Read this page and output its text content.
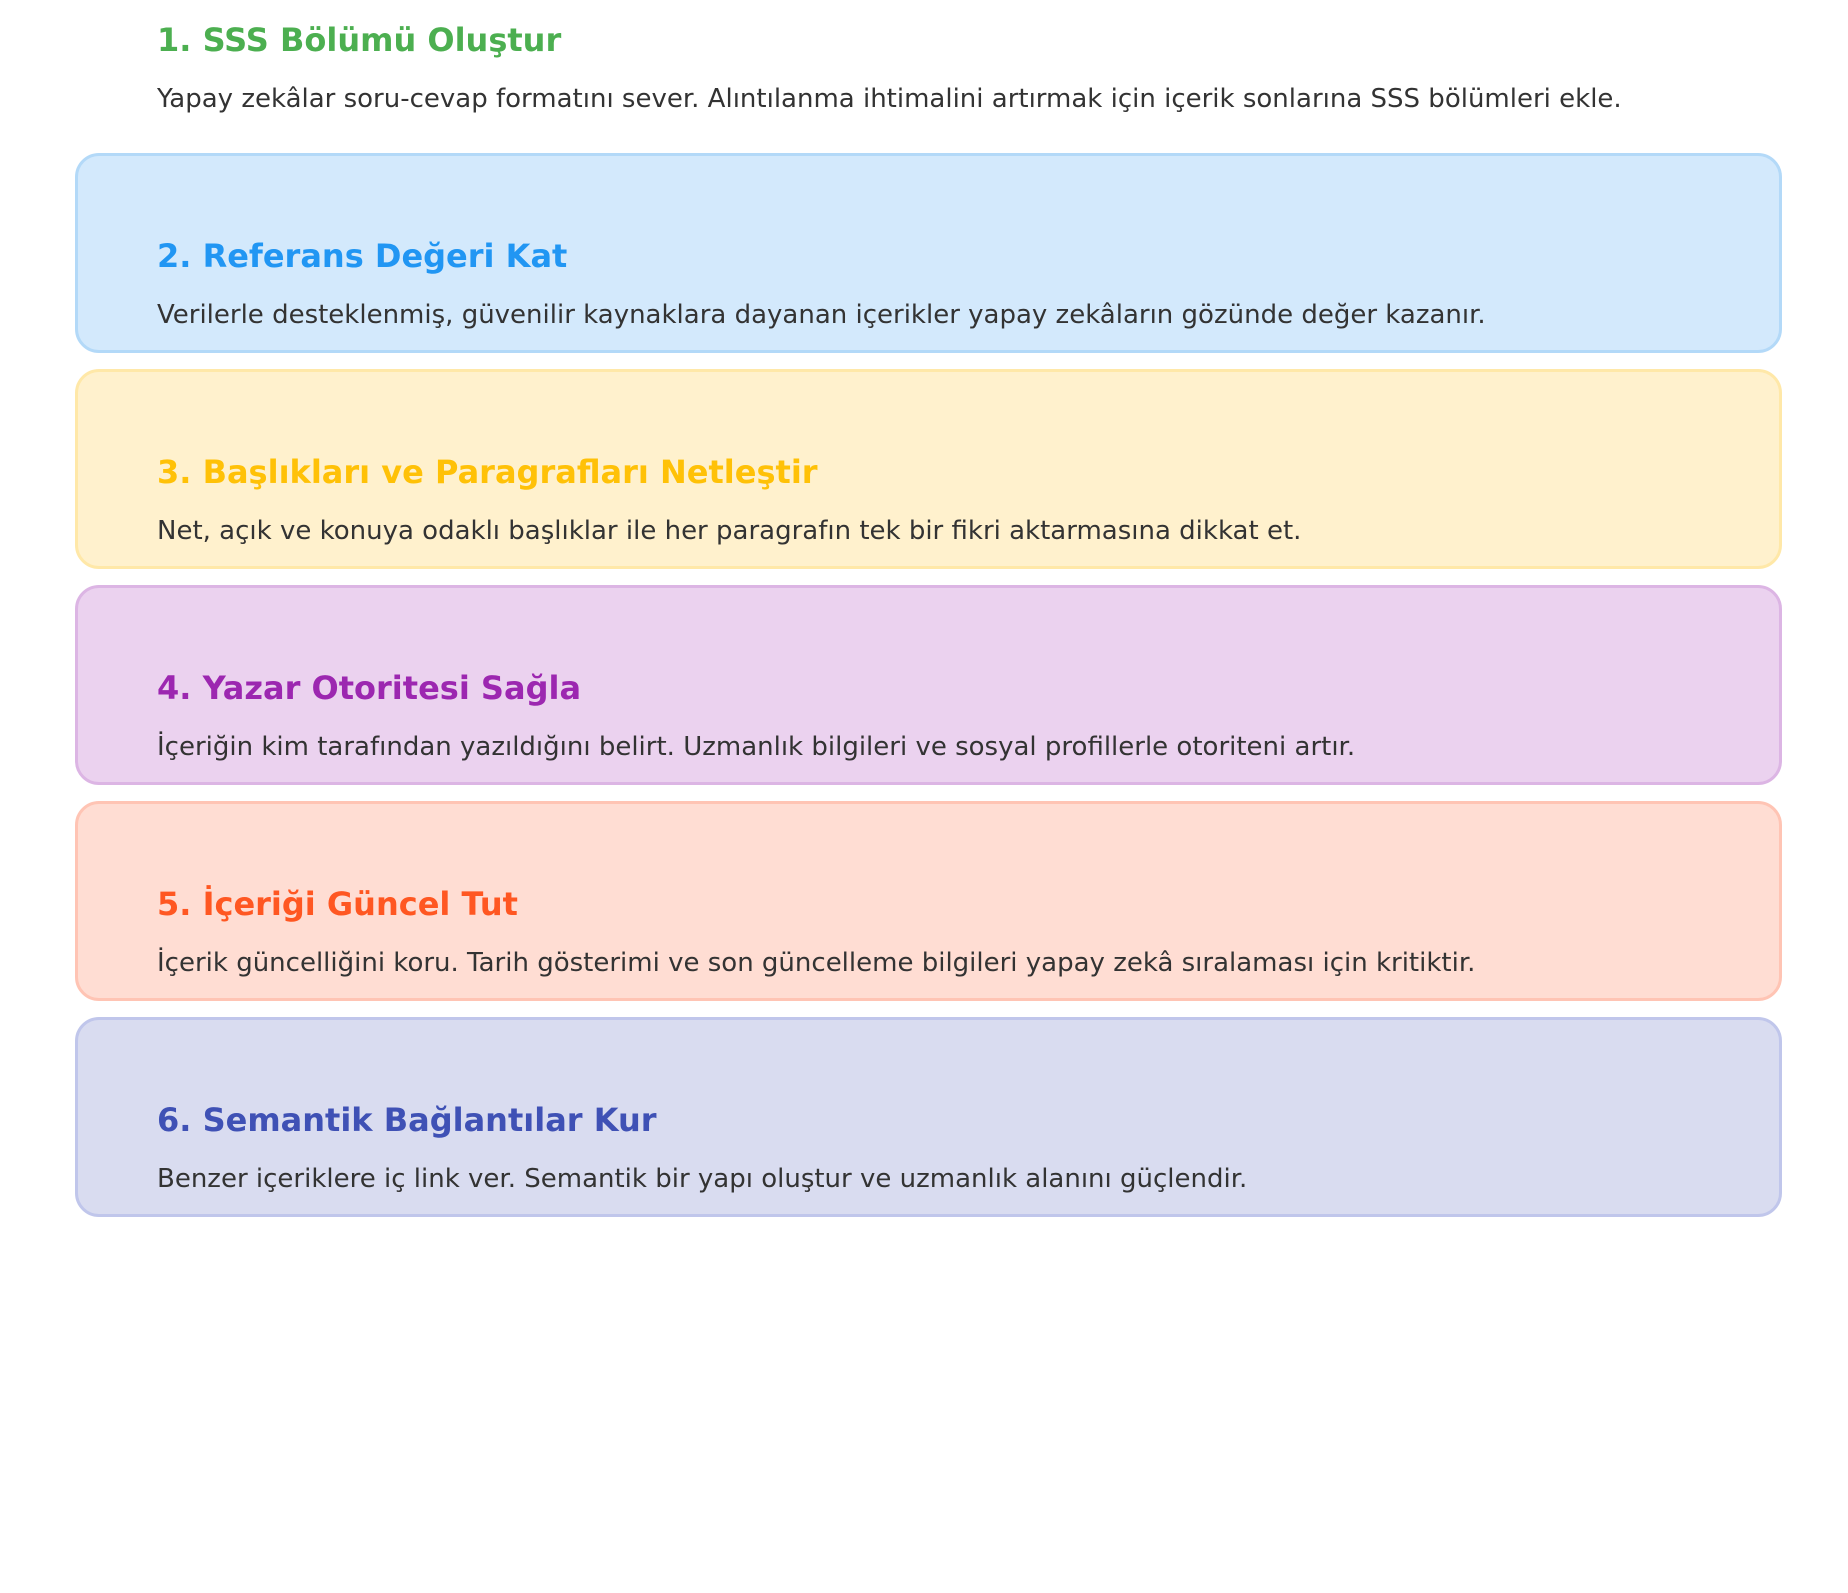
1. SSS Bölümü Oluştur

Yapay zekâlar soru-cevap formatını sever. Alıntılanma ihtimalini artırmak için içerik sonlarına SSS bölümleri ekle.

2. Referans Değeri Kat

Verilerle desteklenmiş, güvenilir kaynaklara dayanan içerikler yapay zekâların gözünde değer kazanır.

3. Başlıkları ve Paragrafları Netleştir

Net, açık ve konuya odaklı başlıklar ile her paragrafın tek bir fikri aktarmasına dikkat et.

4. Yazar Otoritesi Sağla

İçeriğin kim tarafından yazıldığını belirt. Uzmanlık bilgileri ve sosyal profillerle otoriteni artır.

5. İçeriği Güncel Tut

İçerik güncelliğini koru. Tarih gösterimi ve son güncelleme bilgileri yapay zekâ sıralaması için kritiktir.

6. Semantik Bağlantılar Kur

Benzer içeriklere iç link ver. Semantik bir yapı oluştur ve uzmanlık alanını güçlendir.
